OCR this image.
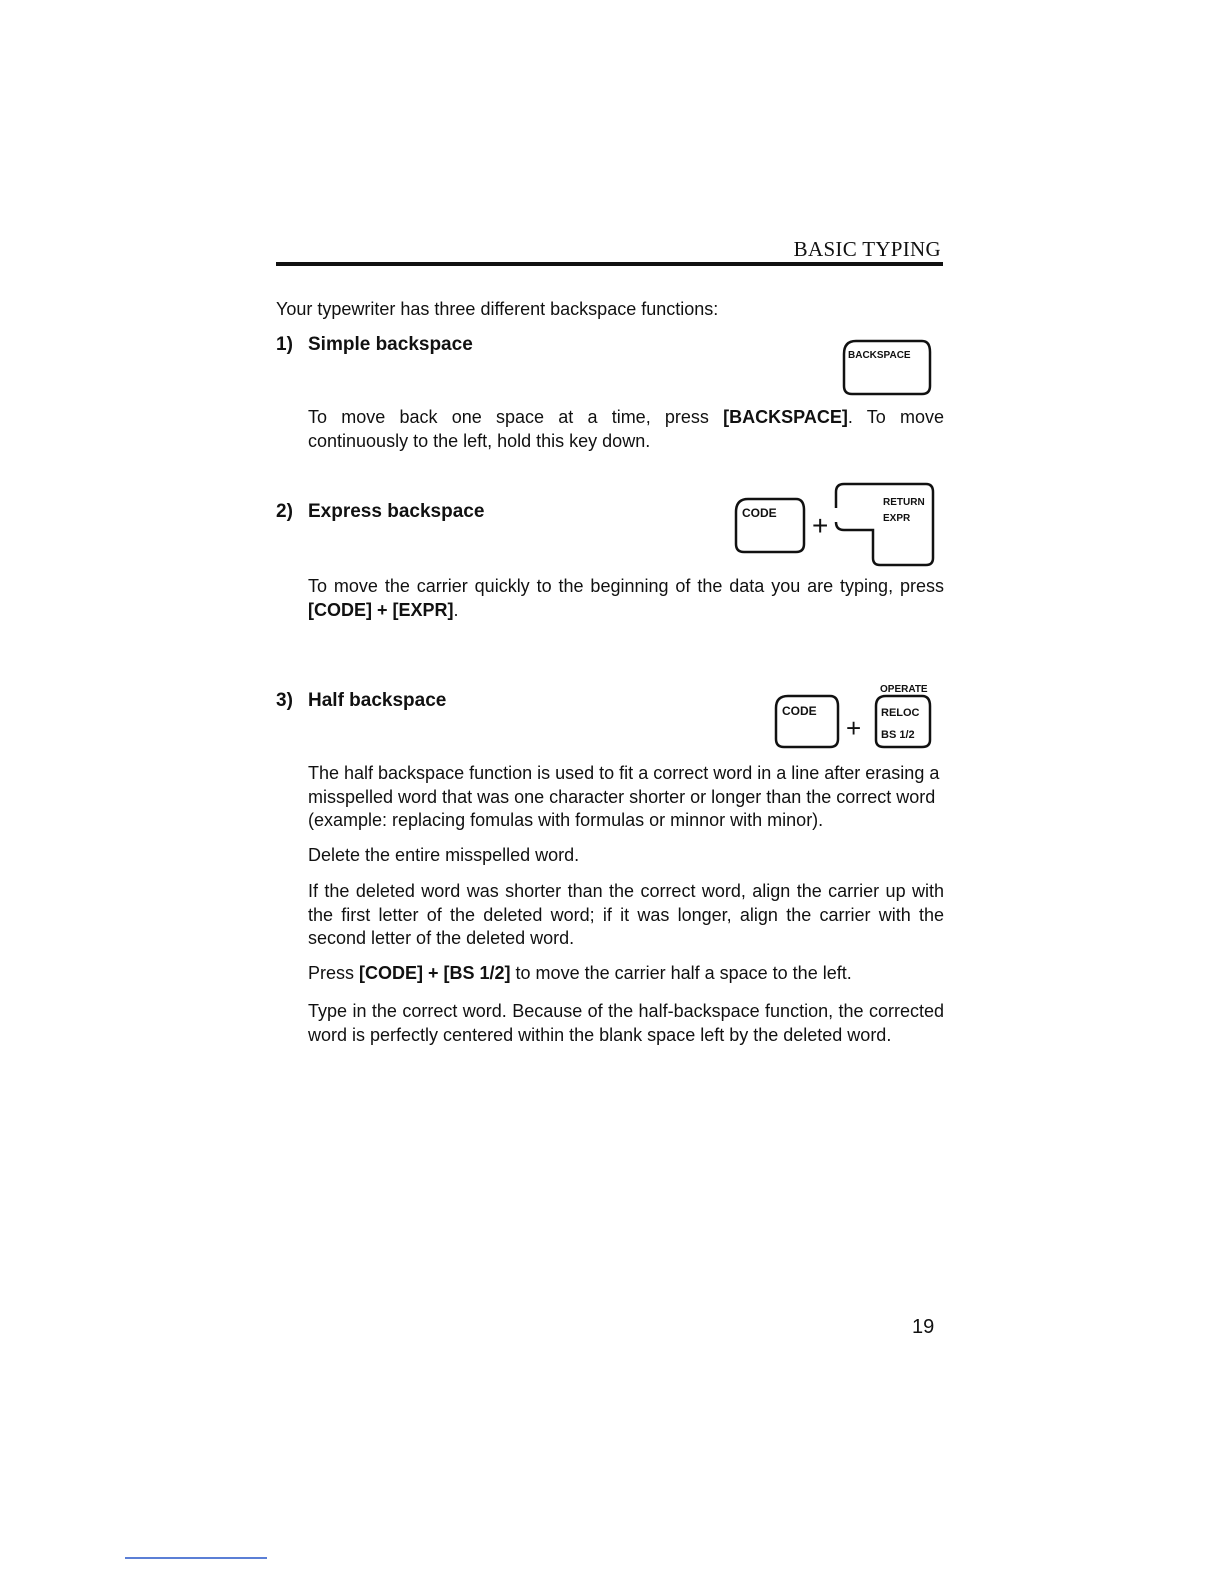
BASIC TYPING
Your typewriter has three different backspace functions:
1) Simple backspace
BACKSPACE
To move back one space at a time, press [BACKSPACE]. To move continuously to the left, hold this key down.
2) Express backspace	CODE +
RETURN
EXPR
To move the carrier quickly to the beginning of the data you are typing, press [CODE] + [EXPR].
3) Half backspace	CODE
+
OPERATE
RELOC
BS 1/2
The half backspace function is used to fit a correct word in a line after erasing a misspelled word that was one character shorter or longer than the correct word (example: replacing fomulas with formulas or minnor with minor).
Delete the entire misspelled word.
If the deleted word was shorter than the correct word, align the carrier up with the first letter of the deleted word; if it was longer, align the carrier with the second letter of the deleted word.
Press [CODE] + [BS 1/2] to move the carrier half a space to the left.
Type in the correct word. Because of the half-backspace function, the corrected word is perfectly centered within the blank space left by the deleted word.
19
